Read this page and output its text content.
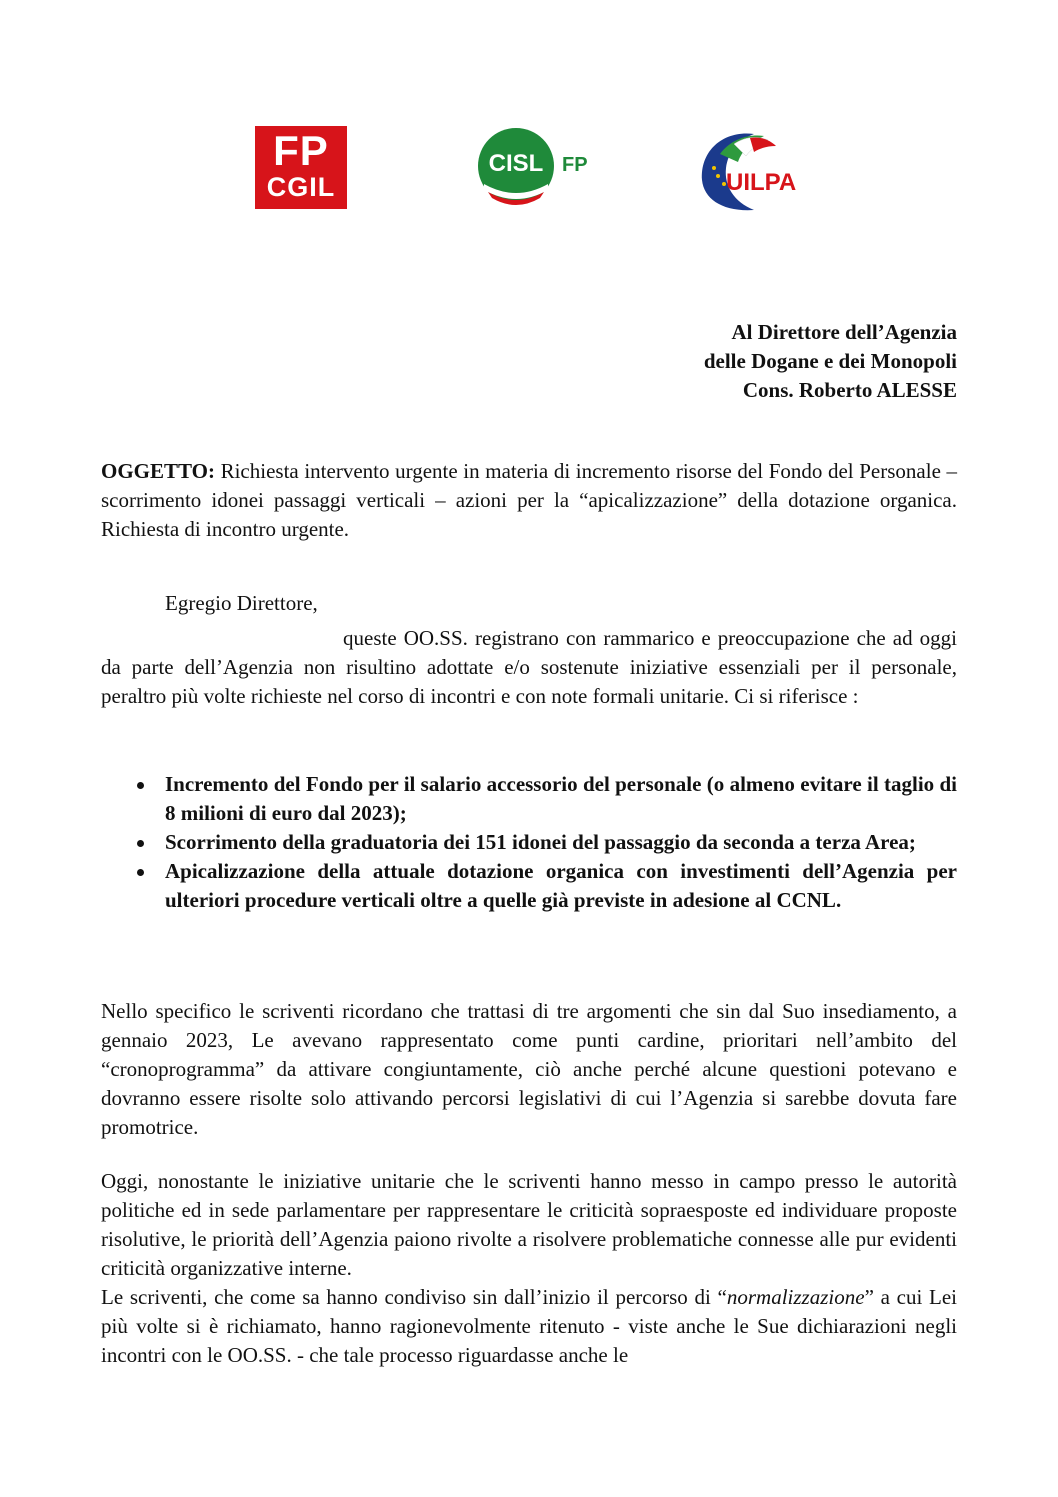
FP
CGIL
CISL FP
UILPA
Al Direttore dell’Agenzia
delle Dogane e dei Monopoli
Cons. Roberto ALESSE

OGGETTO: Richiesta intervento urgente in materia di incremento risorse del Fondo del Personale – scorrimento idonei passaggi verticali – azioni per la “apicalizzazione” della dotazione organica. Richiesta di incontro urgente.

Egregio Direttore,

queste OO.SS. registrano con rammarico e preoccupazione che ad oggi da parte dell’Agenzia non risultino adottate e/o sostenute iniziative essenziali per il personale, peraltro più volte richieste nel corso di incontri e con note formali unitarie. Ci si riferisce :

Incremento del Fondo per il salario accessorio del personale (o almeno evitare il taglio di 8 milioni di euro dal 2023);
Scorrimento della graduatoria dei 151 idonei del passaggio da seconda a terza Area;
Apicalizzazione della attuale dotazione organica con investimenti dell’Agenzia per ulteriori procedure verticali oltre a quelle già previste in adesione al CCNL.

Nello specifico le scriventi ricordano che trattasi di tre argomenti che sin dal Suo insediamento, a gennaio 2023, Le avevano rappresentato come punti cardine, prioritari nell’ambito del “cronoprogramma” da attivare congiuntamente, ciò anche perché alcune questioni potevano e dovranno essere risolte solo attivando percorsi legislativi di cui l’Agenzia si sarebbe dovuta fare promotrice.

Oggi, nonostante le iniziative unitarie che le scriventi hanno messo in campo presso le autorità politiche ed in sede parlamentare per rappresentare le criticità sopraesposte ed individuare proposte risolutive, le priorità dell’Agenzia paiono rivolte a risolvere problematiche connesse alle pur evidenti criticità organizzative interne.

Le scriventi, che come sa hanno condiviso sin dall’inizio il percorso di “normalizzazione” a cui Lei più volte si è richiamato, hanno ragionevolmente ritenuto - viste anche le Sue dichiarazioni negli incontri con le OO.SS. - che tale processo riguardasse anche le
